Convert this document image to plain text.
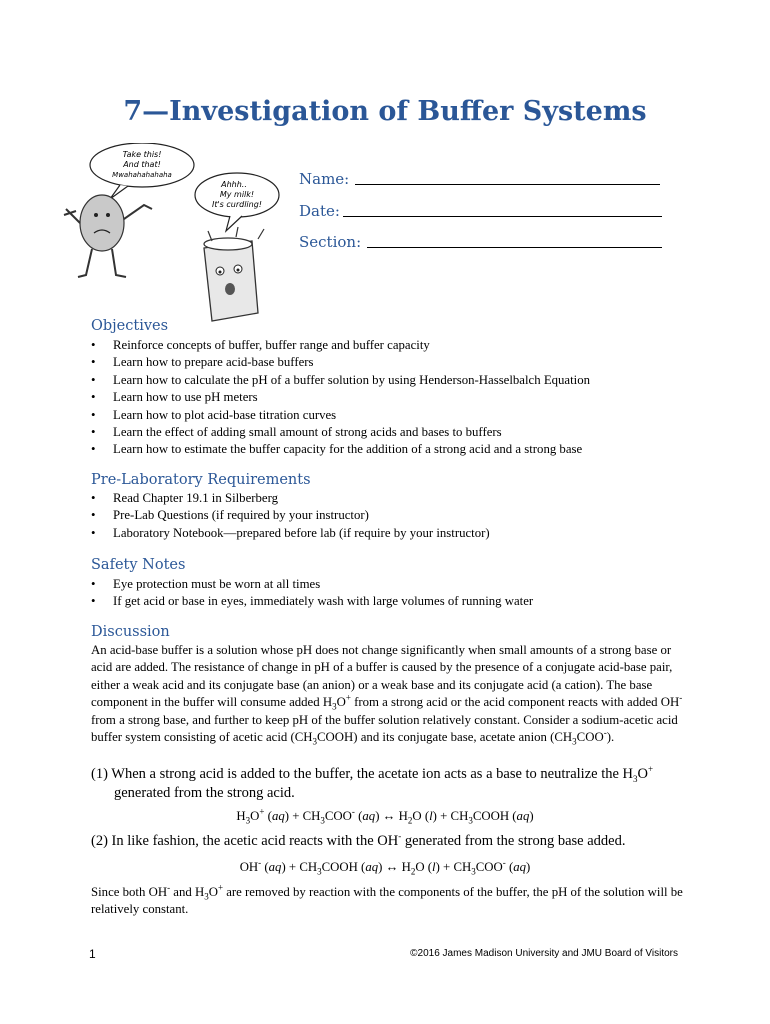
7—Investigation of Buffer Systems
Take this!
And that!
Mwahahahahaha
Ahhh..
My milk!
It's curdling!
Name:
Date:
Section:
Objectives
• Reinforce concepts of buffer, buffer range and buffer capacity
• Learn how to prepare acid-base buffers
• Learn how to calculate the pH of a buffer solution by using Henderson-Hasselbalch Equation
• Learn how to use pH meters
• Learn how to plot acid-base titration curves
• Learn the effect of adding small amount of strong acids and bases to buffers
• Learn how to estimate the buffer capacity for the addition of a strong acid and a strong base
Pre-Laboratory Requirements
• Read Chapter 19.1 in Silberberg
• Pre-Lab Questions (if required by your instructor)
• Laboratory Notebook—prepared before lab (if require by your instructor)
Safety Notes
• Eye protection must be worn at all times
• If get acid or base in eyes, immediately wash with large volumes of running water
Discussion

An acid-base buffer is a solution whose pH does not change significantly when small amounts of a strong base or acid are added. The resistance of change in pH of a buffer is caused by the presence of a conjugate acid-base pair, either a weak acid and its conjugate base (an anion) or a weak base and its conjugate acid (a cation). The base component in the buffer will consume added $H_3O^+$ from a strong acid or the acid component reacts with added OH- from a strong base, and further to keep pH of the buffer solution relatively constant. Consider a sodium-acetic acid buffer system consisting of acetic acid $(CH_3COOH)$ and its conjugate base, acetate anion $(CH_3COO^-)$.

(1) When a strong acid is added to the buffer, the acetate ion acts as a base to neutralize the $H_3O^+$
generated from the strong acid.

$H_3O^+$ $(aq) + CH_3COO^-$ (aq) ↔ $H_2O$ $(l) + CH_3COOH$ (aq)

(2) In like fashion, the acetic acid reacts with the OH- generated from the strong base added.

OH- $(aq) + CH_3COOH$ (aq) ↔ $H_2O$ $(l) + CH_3COO^-$ (aq)

Since both OH- and $H_3O^+$ are removed by reaction with the components of the buffer, the pH of the solution will be relatively constant.

1	©2016 James Madison University and JMU Board of Visitors
